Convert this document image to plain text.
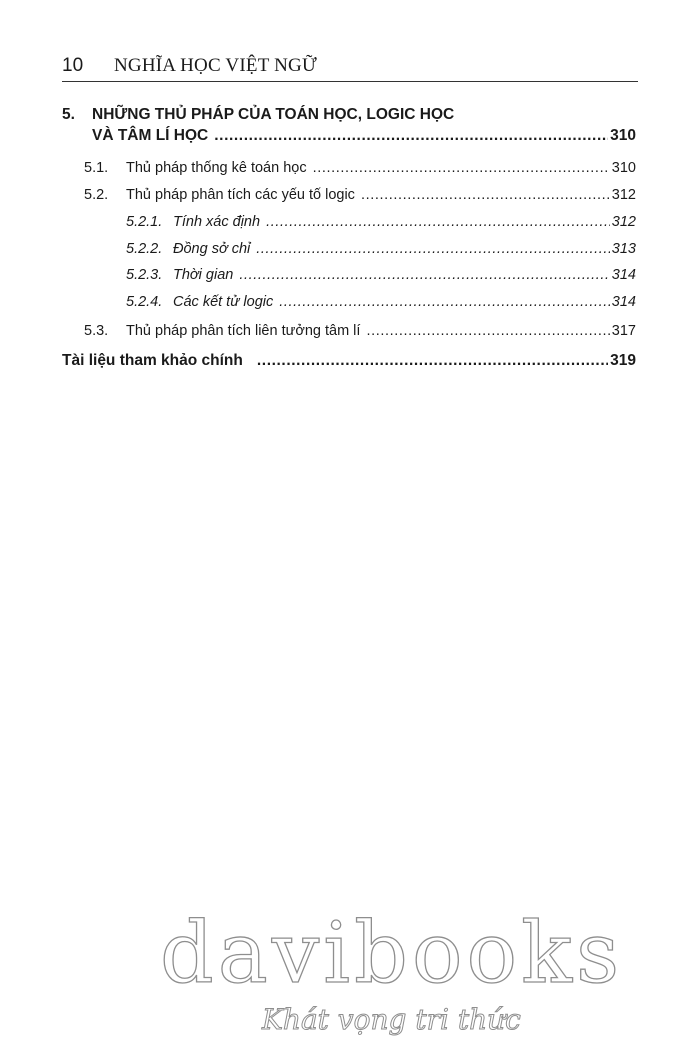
10 NGHĨA HỌC VIỆT NGỮ
5.	NHỮNG THỦ PHÁP CỦA TOÁN HỌC, LOGIC HỌC
VÀ TÂM LÍ HỌC .....	310
5.1. Thủ pháp thống kê toán học .....	310
5.2. Thủ pháp phân tích các yếu tố logic .....	312
5.2.1. Tính xác định .....	312
5.2.2. Đồng sở chỉ .....	313
5.2.3. Thời gian .....	314
5.2.4. Các kết tử logic .....	314
5.3. Thủ pháp phân tích liên tưởng tâm lí .....	317
Tài liệu tham khảo chính .....	319
davibooks
Khát vọng tri thức
